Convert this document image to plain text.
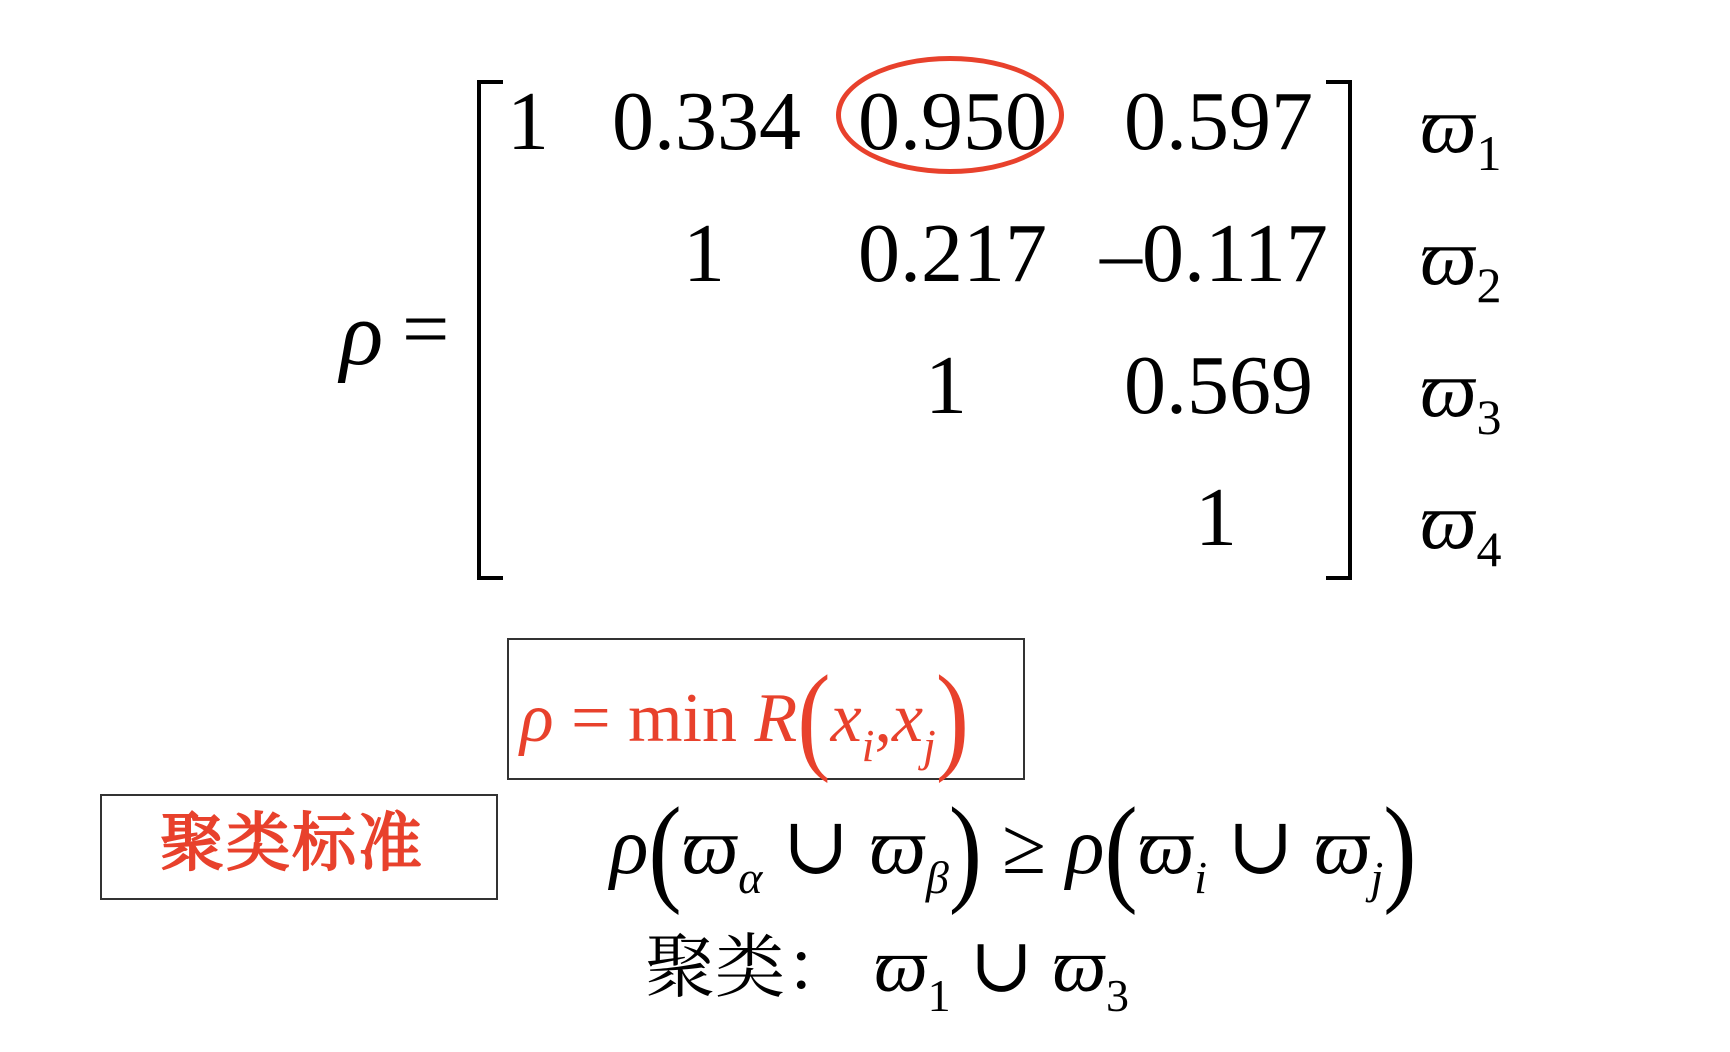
ρ =
1 0.334 0.950 0.597
1 0.217 –0.117
1 0.569
1
$ϖ_1$
$ϖ_2$
$ϖ_3$
$ϖ_4$
$\rho = \min R(x_i,x_j)$
聚类标准 $\rho(ϖ_\alpha$ ∪ $ϖ_\beta) \ge \rho(ϖ_i$ ∪ $ϖ_j$)
聚类： $ϖ_1$ ∪ $ϖ_3$
